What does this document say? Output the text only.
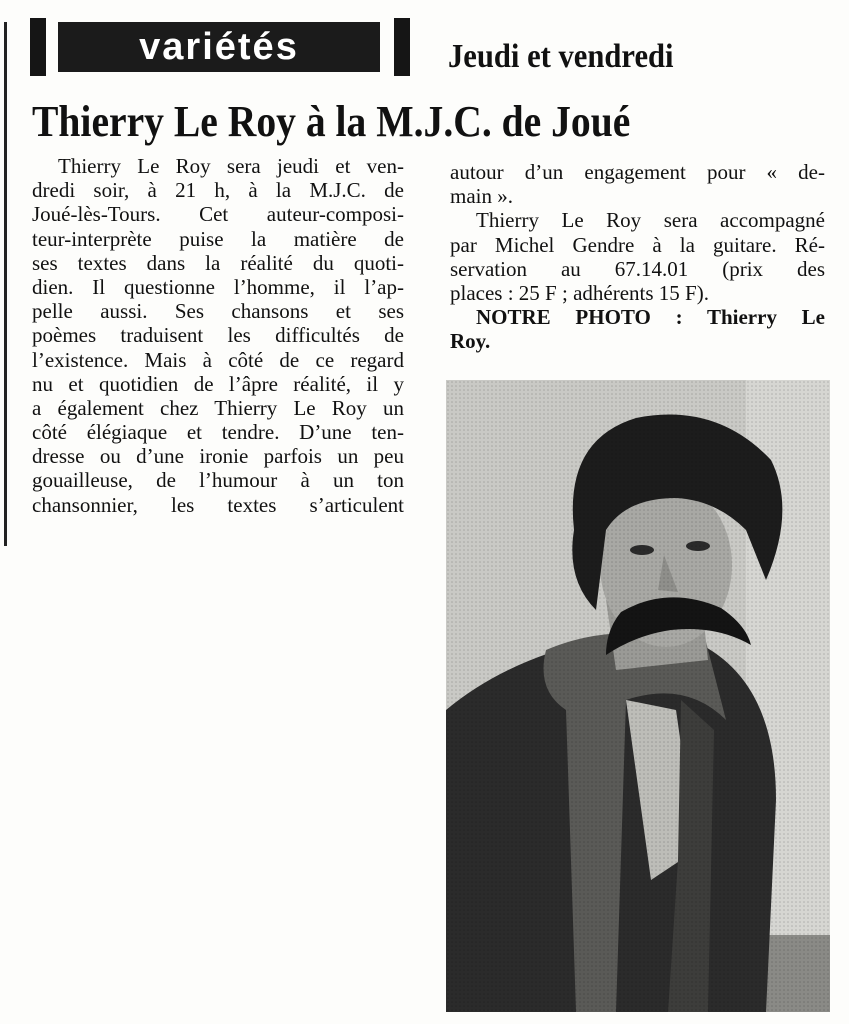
variétés	Jeudi et vendredi
Thierry Le Roy à la M.J.C. de Joué
Thierry Le Roy sera jeudi et ven-
dredi soir, à 21 h, à la M.J.C. de
Joué-lès-Tours. Cet auteur-composi-
teur-interprète puise la matière de
ses textes dans la réalité du quoti-
dien. Il questionne l’homme, il l’ap-
pelle aussi. Ses chansons et ses
poèmes traduisent les difficultés de
l’existence. Mais à côté de ce regard
nu et quotidien de l’âpre réalité, il y
a également chez Thierry Le Roy un
côté élégiaque et tendre. D’une ten-
dresse ou d’une ironie parfois un peu
gouailleuse, de l’humour à un ton
chansonnier, les textes s’articulent
autour d’un engagement pour « de-
main ».
Thierry Le Roy sera accompagné
par Michel Gendre à la guitare. Ré-
servation au 67.14.01 (prix des
places : 25 F ; adhérents 15 F).
NOTRE PHOTO : Thierry Le
Roy.
